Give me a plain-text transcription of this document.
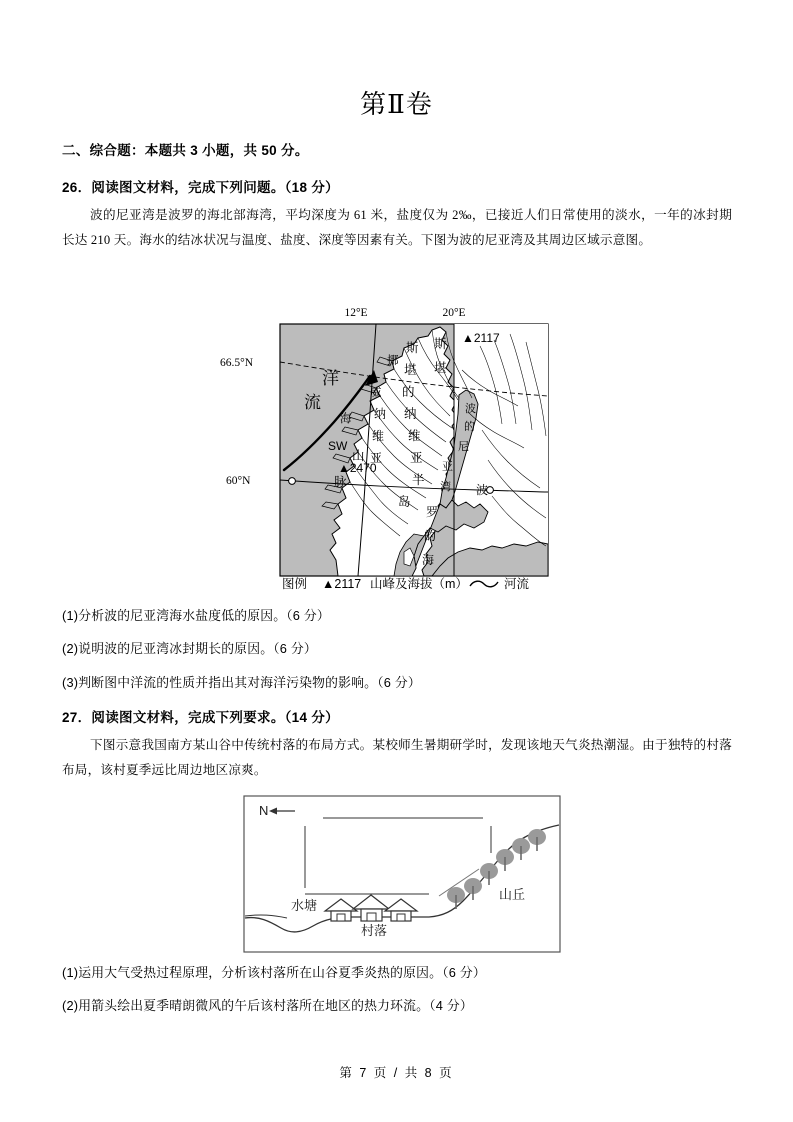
第Ⅱ卷
二、综合题：本题共 3 小题，共 50 分。
26．阅读图文材料，完成下列问题。（18 分）
波的尼亚湾是波罗的海北部海湾，平均深度为 61 米，盐度仅为 2‰，已接近人们日常使用的淡水，一年的冰封期长达 210 天。海水的结冰状况与温度、盐度、深度等因素有关。下图为波的尼亚湾及其周边区域示意图。
66.5°N
60°N
12°E	20°E
洋
流
海
威
挪
SW
纳
的
堪
斯
维
亚
半
岛
纳
维
亚
山
脉
斯
堪
▲2117
▲2470
波
的
尼
亚
湾
罗
的
海
波
图例 ▲2117 山峰及海拔（m）	河流
(1)分析波的尼亚湾海水盐度低的原因。（6 分）
(2)说明波的尼亚湾冰封期长的原因。（6 分）
(3)判断图中洋流的性质并指出其对海洋污染物的影响。（6 分）
27．阅读图文材料，完成下列要求。（14 分）
下图示意我国南方某山谷中传统村落的布局方式。某校师生暑期研学时，发现该地天气炎热潮湿。由于独特的村落布局，该村夏季远比周边地区凉爽。
N
水塘
村落
山丘
(1)运用大气受热过程原理，分析该村落所在山谷夏季炎热的原因。（6 分）
(2)用箭头绘出夏季晴朗微风的午后该村落所在地区的热力环流。（4 分）
第 7 页 / 共 8 页
